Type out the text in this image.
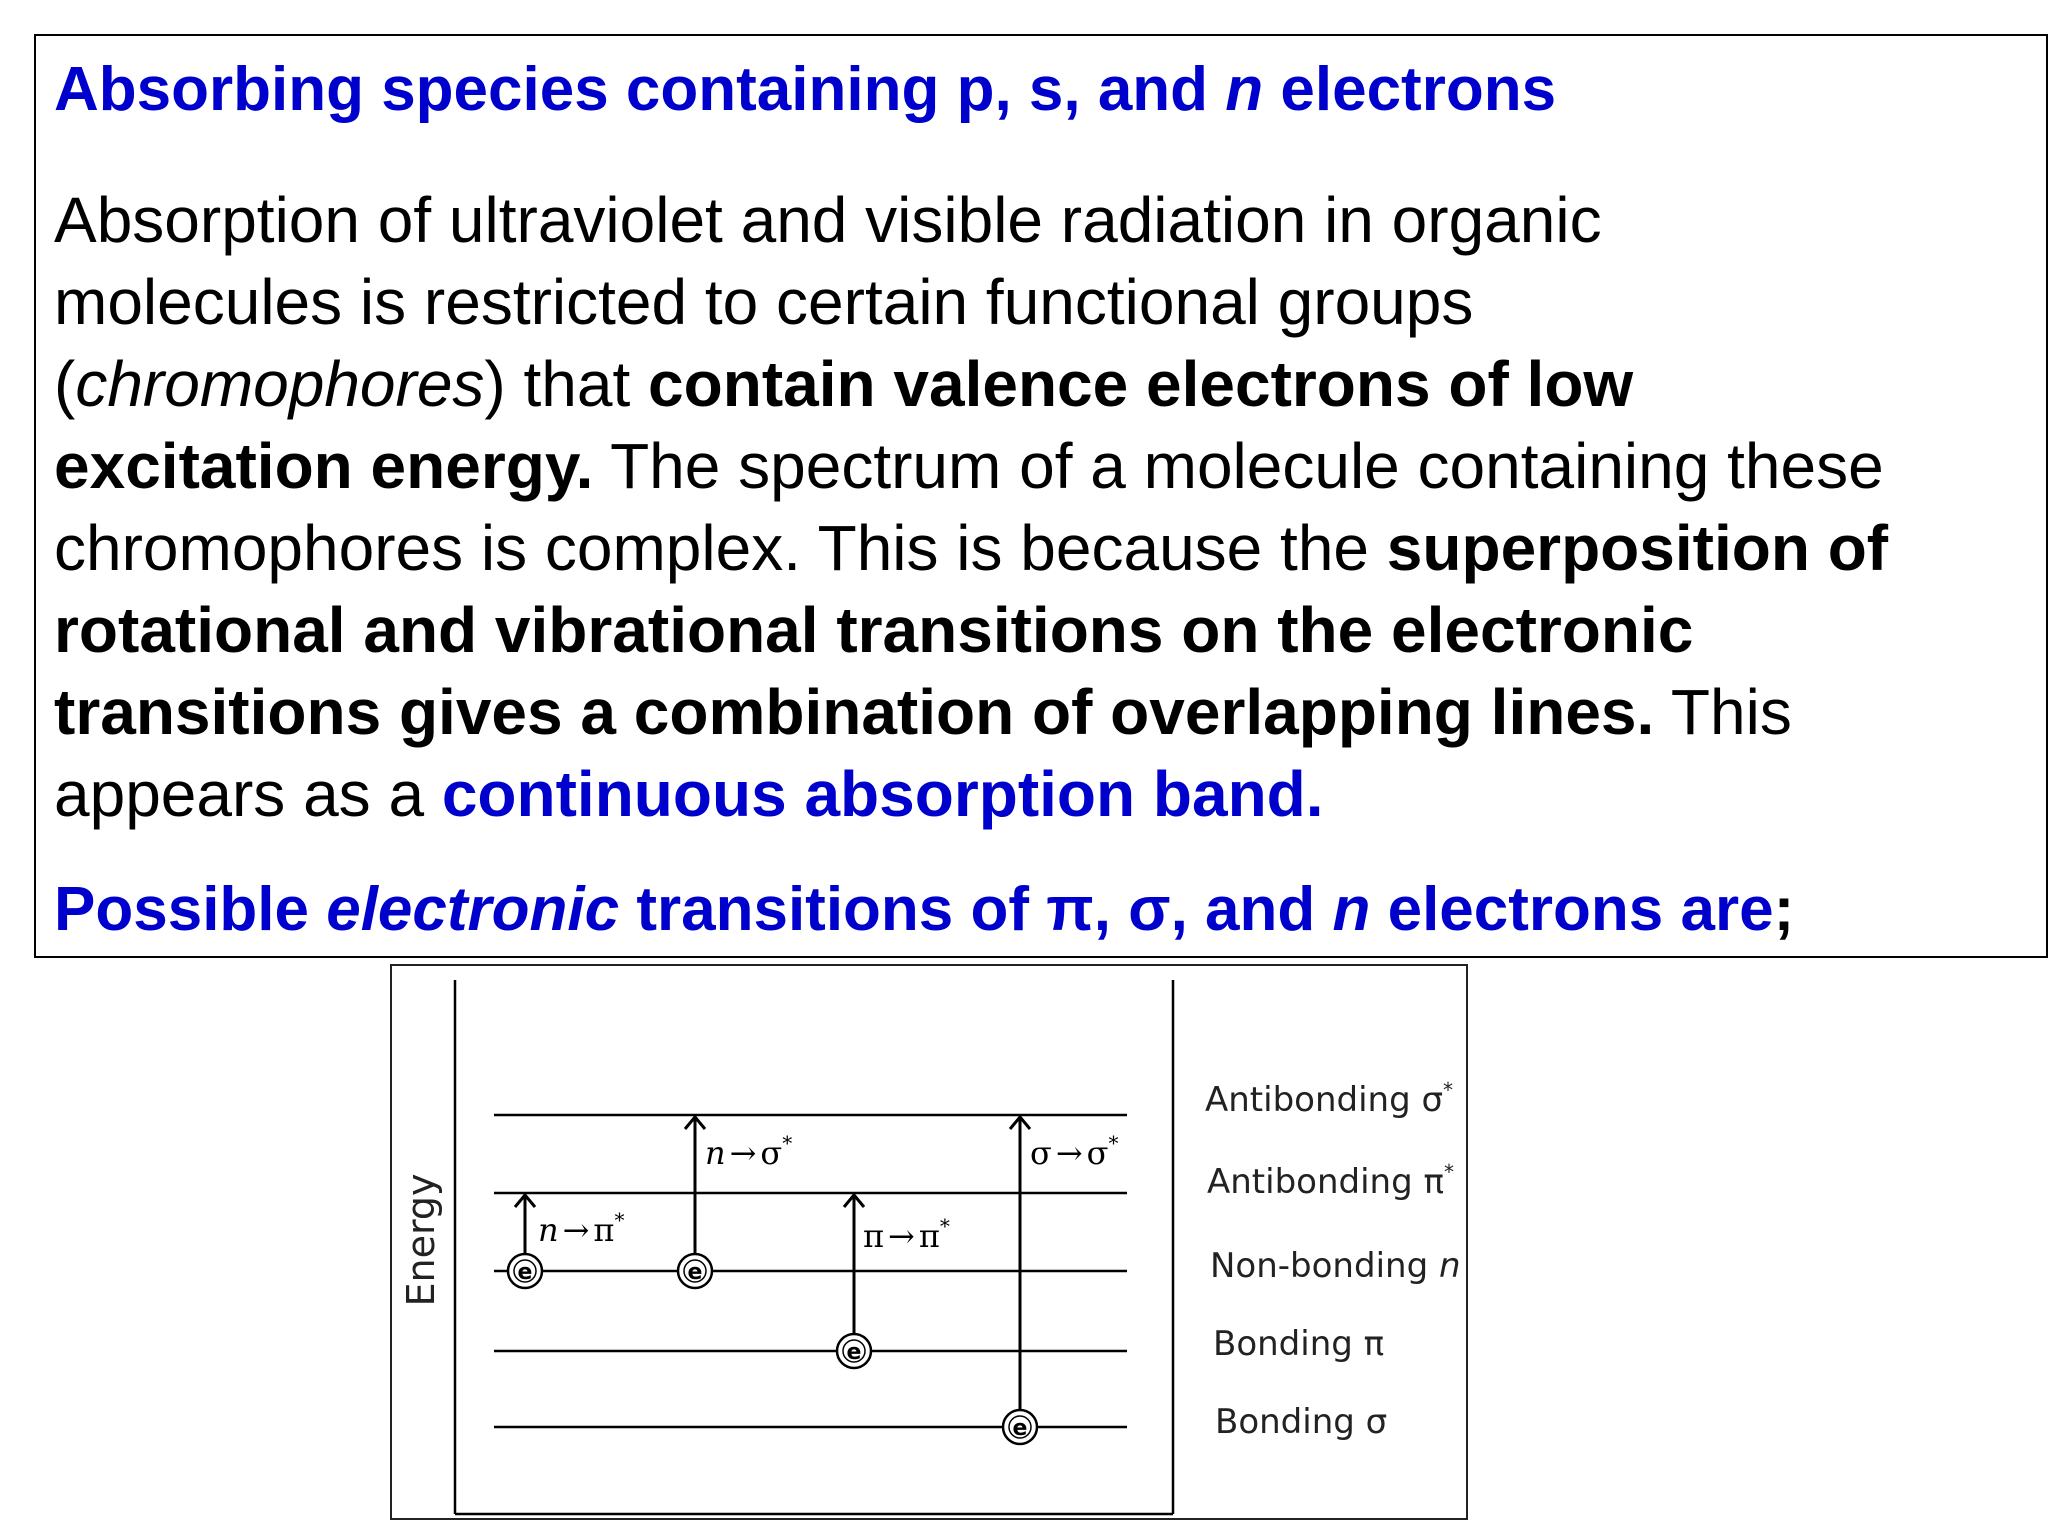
Absorbing species containing p, s, and n electrons
Absorption of ultraviolet and visible radiation in organic
molecules is restricted to certain functional groups
(chromophores) that contain valence electrons of low
excitation energy. The spectrum of a molecule containing these
chromophores is complex. This is because the superposition of
rotational and vibrational transitions on the electronic
transitions gives a combination of overlapping lines. This
appears as a continuous absorption band.
Possible electronic transitions of π, σ, and n electrons are;
Energy	e	e
e
e
n → π*
n → σ*
π → π*
σ → σ*
Antibonding σ*
Antibonding π*
Non-bonding n
Bonding π
Bonding σ
